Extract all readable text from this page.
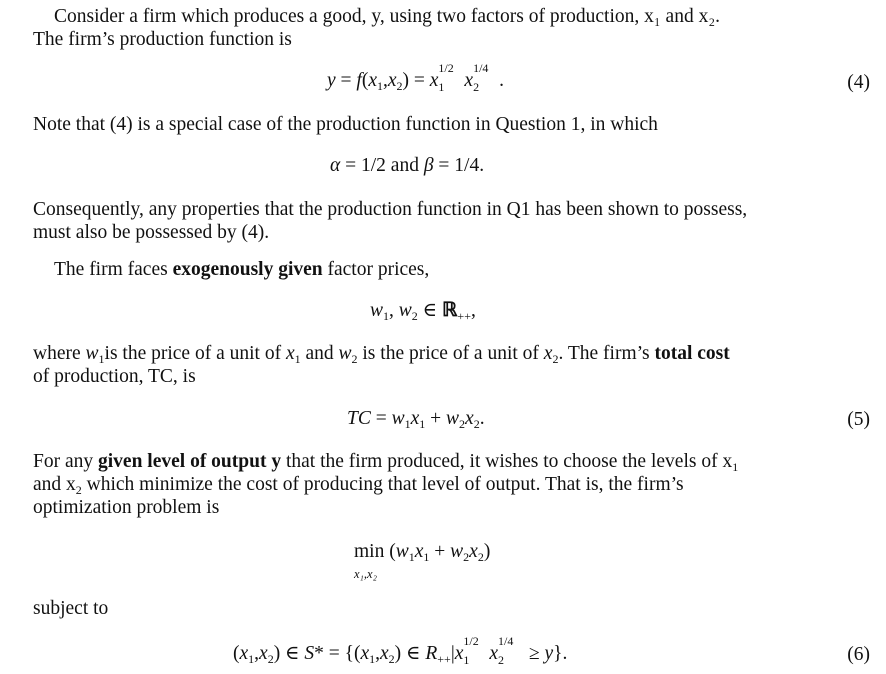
Consider a firm which produces a good, y, using two factors of production, x₁ and x₂.
The firm’s production function is
$y = f(x_1,x_2) = x$
1/2
1 x
1/4
2 .	(4)
Note that (4) is a special case of the production function in Question 1, in which
α = 1/2 and β = 1/4.
Consequently, any properties that the production function in Q1 has been shown to possess,
must also be possessed by (4).
The firm faces exogenously given factor prices,
$w_1$, $w_2$ ∈ ℝ$_{++}$,
where $w_1is$ the price of a unit of $x_1$ and $w_2$ is the price of a unit of $x_2$. The firm’s total cost
of production, TC, is
TC = $w_1x_1 + w_2x_2$.	(5)
For any given level of output y that the firm produced, it wishes to choose the levels of $x_1$
and $x_2$ which minimize the cost of producing that level of output. That is, the firm’s
optimization problem is
$\min (w_1x_1 + w_2x_2)$
x₁,x₂
subject to
$(x_1,x_2)$ ∈ $S* = \{(x_1,x_2)$ ∈ $R_{++}|x$
1/2
1 x
1/4
2 ≥ y}.	(6)
